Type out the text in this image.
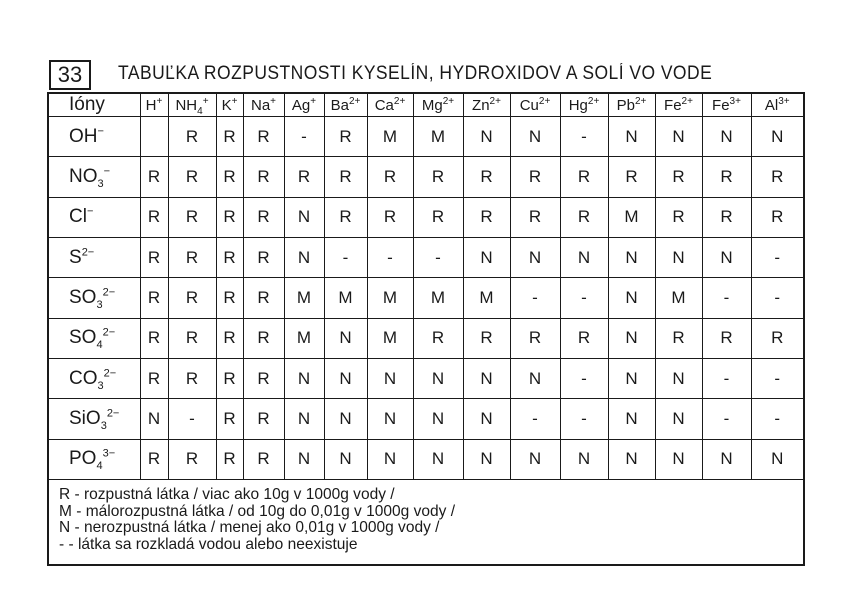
33	TABUĽKA ROZPUSTNOSTI KYSELÍN, HYDROXIDOV A SOLÍ VO VODE
Ióny	H+	$NH_4^+$	K+	Na+	Ag+	$Ba^{2+}$	$Ca^{2+}$	$Mg^{2+}$	$Zn^{2+}$	$Cu^{2+}$	$Hg^{2+}$	$Pb^{2+}$	$Fe^{2+}$	$Fe^{3+}$	$Al^{3+}$
OH−		R	R	R	-	R	M	M	N	N	-	N	N	N	N
$NO_3^-$	R	R	R	R	R	R	R	R	R	R	R	R	R	R	R
Cl−	R	R	R	R	N	R	R	R	R	R	R	M	R	R	R
$S^{2-}$	R	R	R	R	N	-	-	-	N	N	N	N	N	N	-
$SO_3^{2-}$	R	R	R	R	M	M	M	M	M	-	-	N	M	-	-
$SO_4^{2-}$	R	R	R	R	M	N	M	R	R	R	R	N	R	R	R
$CO_3^{2-}$	R	R	R	R	N	N	N	N	N	N	-	N	N	-	-
SiO$_3^{2-}$	N	-	R	R	N	N	N	N	N	-	-	N	N	-	-
$PO_4^{3-}$	R	R	R	R	N	N	N	N	N	N	N	N	N	N	N
R - rozpustná látka / viac ako 10g v 1000g vody /
M - málorozpustná látka / od 10g do 0,01g v 1000g vody /
N - nerozpustná látka / menej ako 0,01g v 1000g vody /
- - látka sa rozkladá vodou alebo neexistuje
